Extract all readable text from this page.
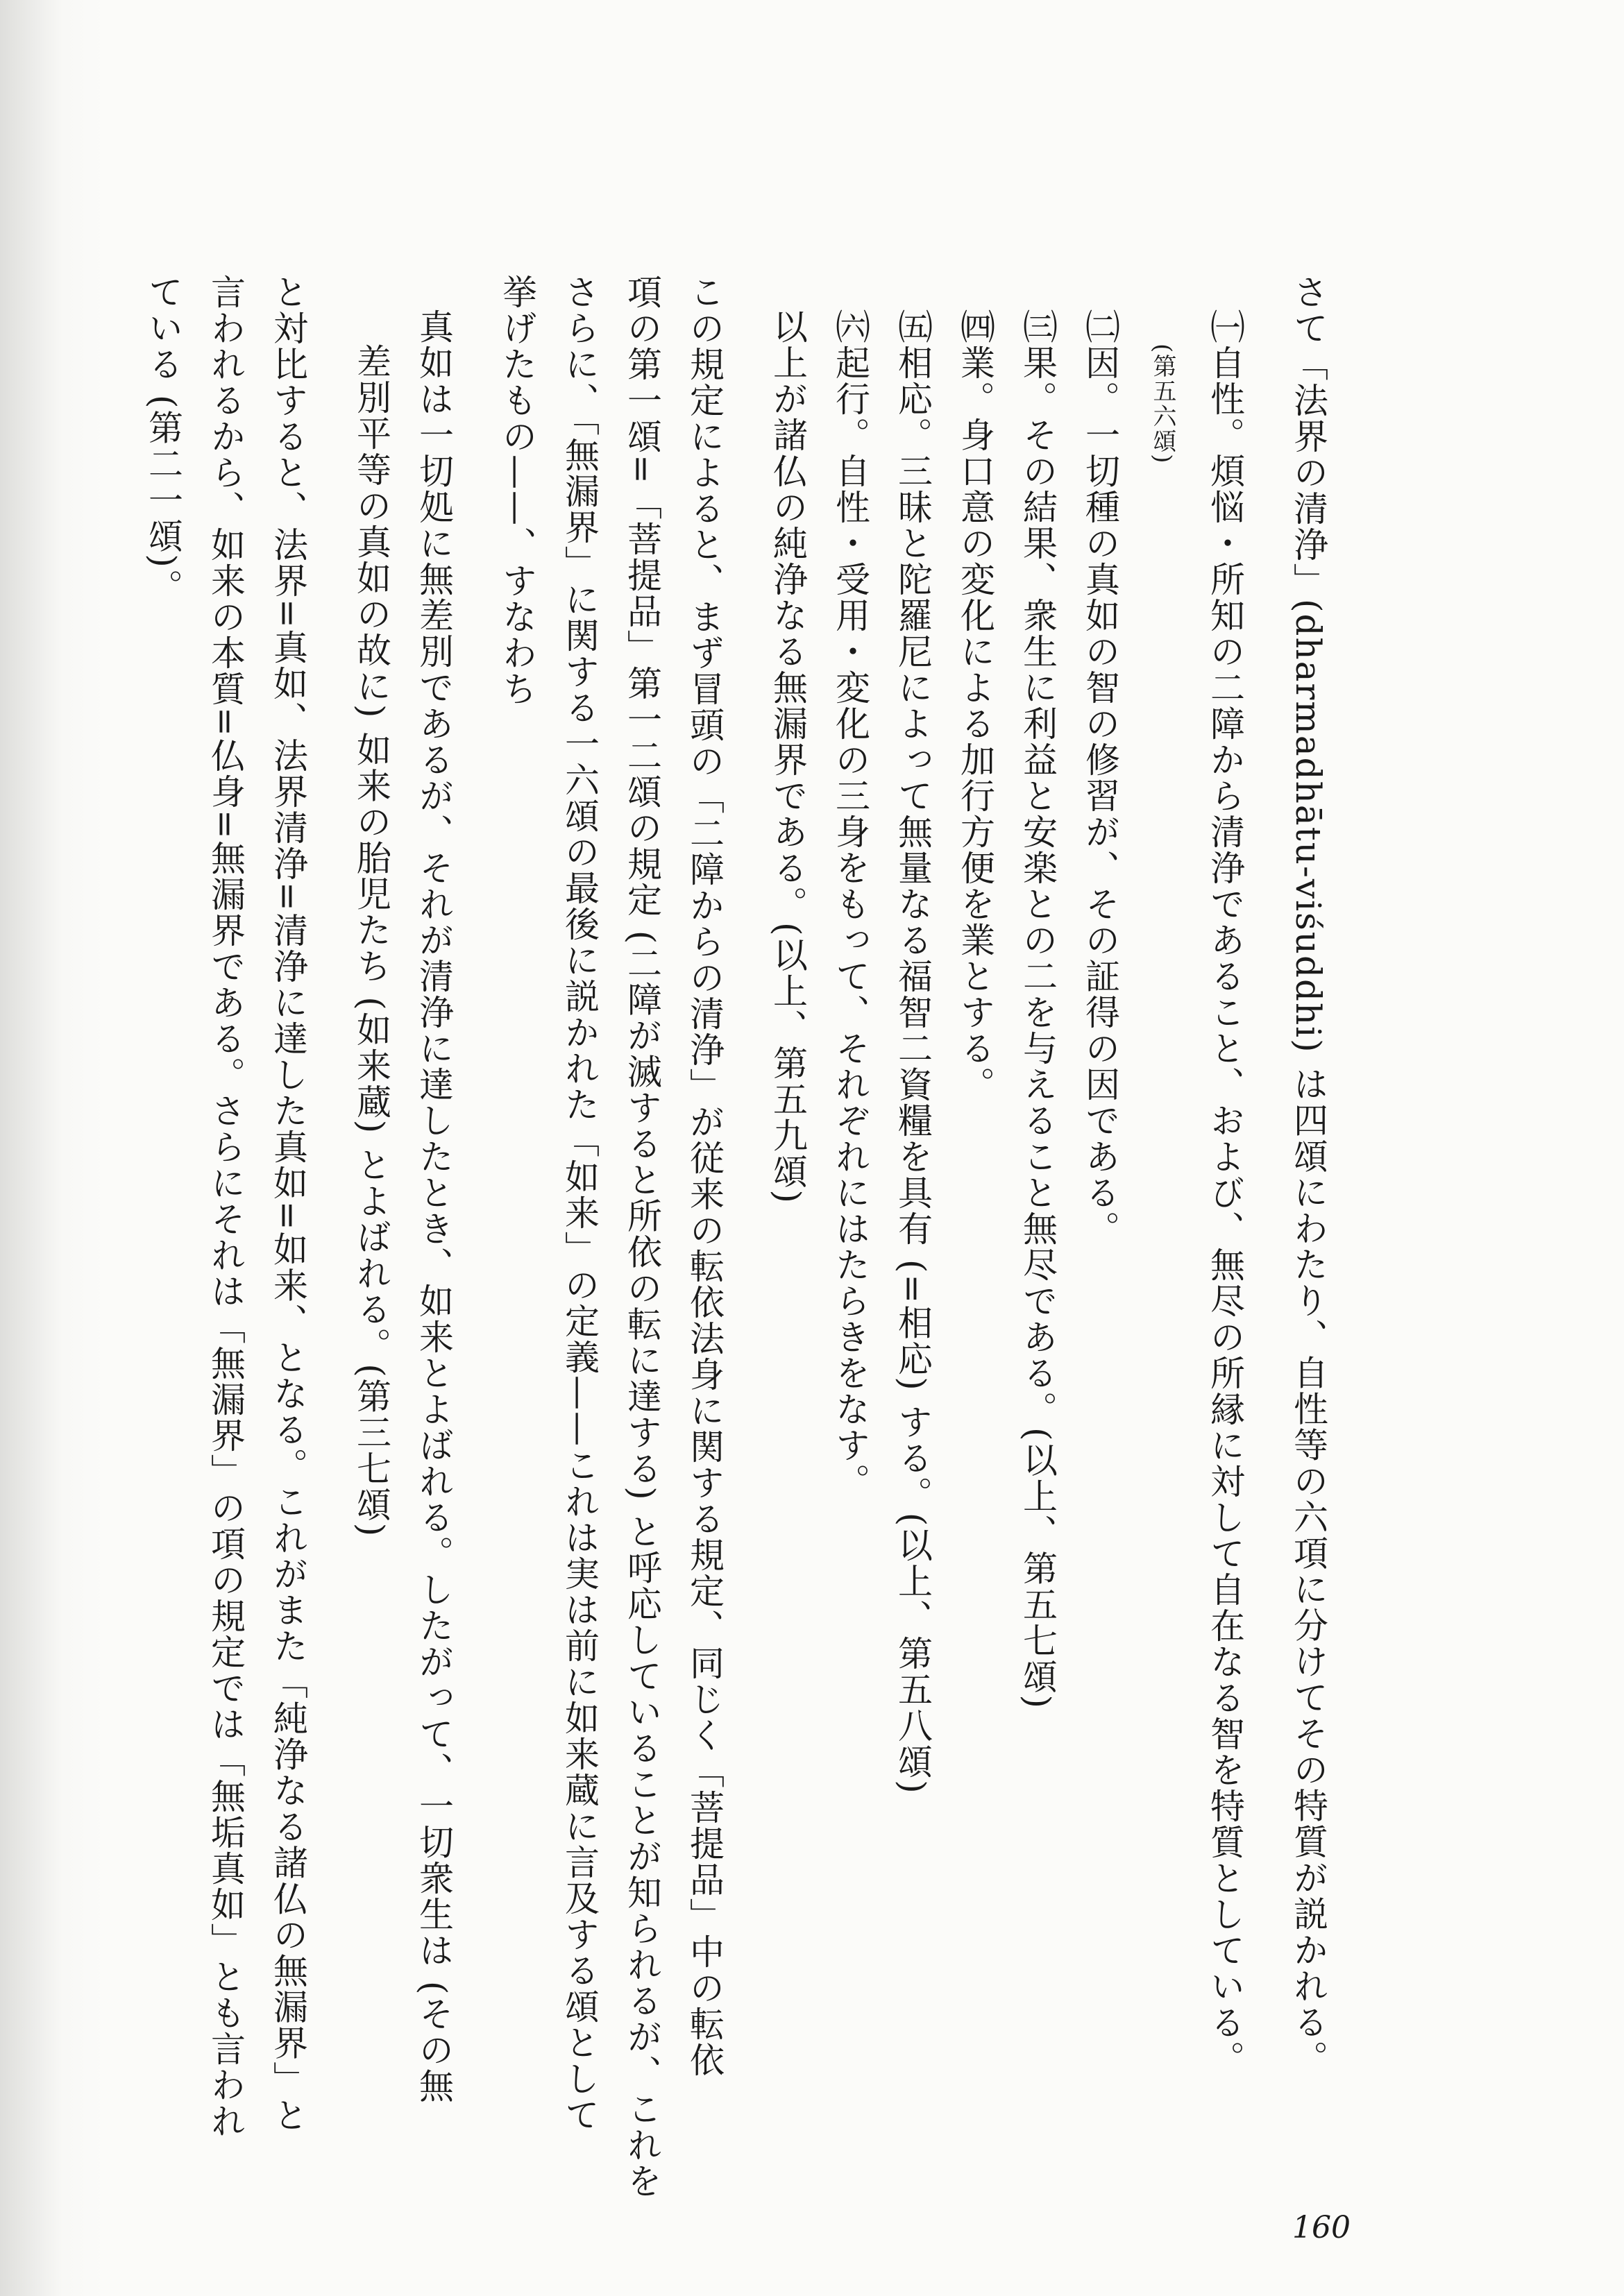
さて「法界の清浄」(dharmadhātu-viśuddhi) は四頌にわたり、自性等の六項に分けてその特質が説かれる。
㈠自性。煩悩・所知の二障から清浄であること、および、無尽の所縁に対して自在なる智を特質としている。
(第五六頌)
㈡因。一切種の真如の智の修習が、その証得の因である。
㈢果。その結果、衆生に利益と安楽との二を与えること無尽である。(以上、第五七頌)
㈣業。身口意の変化による加行方便を業とする。
㈤相応。三昧と陀羅尼によって無量なる福智二資糧を具有 (=相応) する。(以上、第五八頌)
㈥起行。自性・受用・変化の三身をもって、それぞれにはたらきをなす。
以上が諸仏の純浄なる無漏界である。(以上、第五九頌)
この規定によると、まず冒頭の「二障からの清浄」が従来の転依法身に関する規定、同じく「菩提品」中の転依
項の第一頌=「菩提品」第一二頌の規定 (二障が滅すると所依の転に達する) と呼応していることが知られるが、これを
さらに、「無漏界」に関する一六頌の最後に説かれた「如来」の定義——これは実は前に如来蔵に言及する頌として
挙げたもの——、すなわち
真如は一切処に無差別であるが、それが清浄に達したとき、如来とよばれる。したがって、一切衆生は (その無
差別平等の真如の故に) 如来の胎児たち (如来蔵) とよばれる。(第三七頌)
と対比すると、法界=真如、法界清浄=清浄に達した真如=如来、となる。これがまた「純浄なる諸仏の無漏界」と
言われるから、如来の本質=仏身=無漏界である。さらにそれは「無漏界」の項の規定では「無垢真如」とも言われ
ている (第二一頌)。
160
